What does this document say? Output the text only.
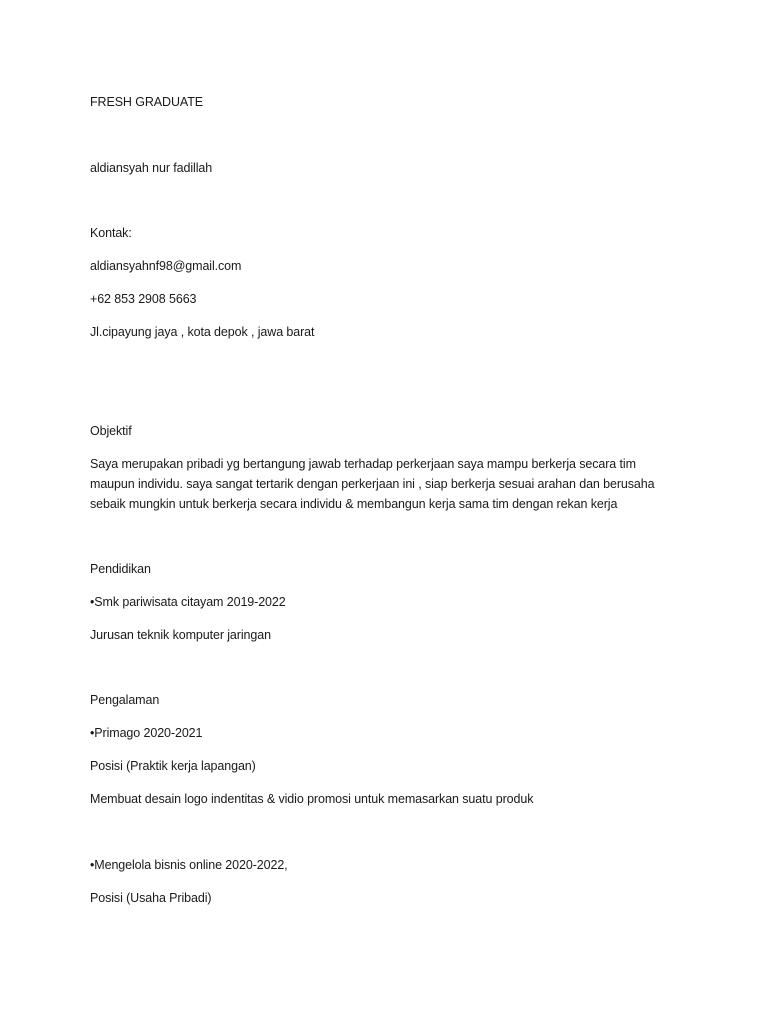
FRESH GRADUATE
aldiansyah nur fadillah
Kontak:
aldiansyahnf98@gmail.com
+62 853 2908 5663
Jl.cipayung jaya , kota depok , jawa barat
Objektif
Saya merupakan pribadi yg bertangung jawab terhadap perkerjaan saya mampu berkerja secara tim
maupun individu. saya sangat tertarik dengan perkerjaan ini , siap berkerja sesuai arahan dan berusaha
sebaik mungkin untuk berkerja secara individu & membangun kerja sama tim dengan rekan kerja
Pendidikan
•Smk pariwisata citayam 2019-2022
Jurusan teknik komputer jaringan
Pengalaman
•Primago 2020-2021
Posisi (Praktik kerja lapangan)
Membuat desain logo indentitas & vidio promosi untuk memasarkan suatu produk
•Mengelola bisnis online 2020-2022,
Posisi (Usaha Pribadi)
